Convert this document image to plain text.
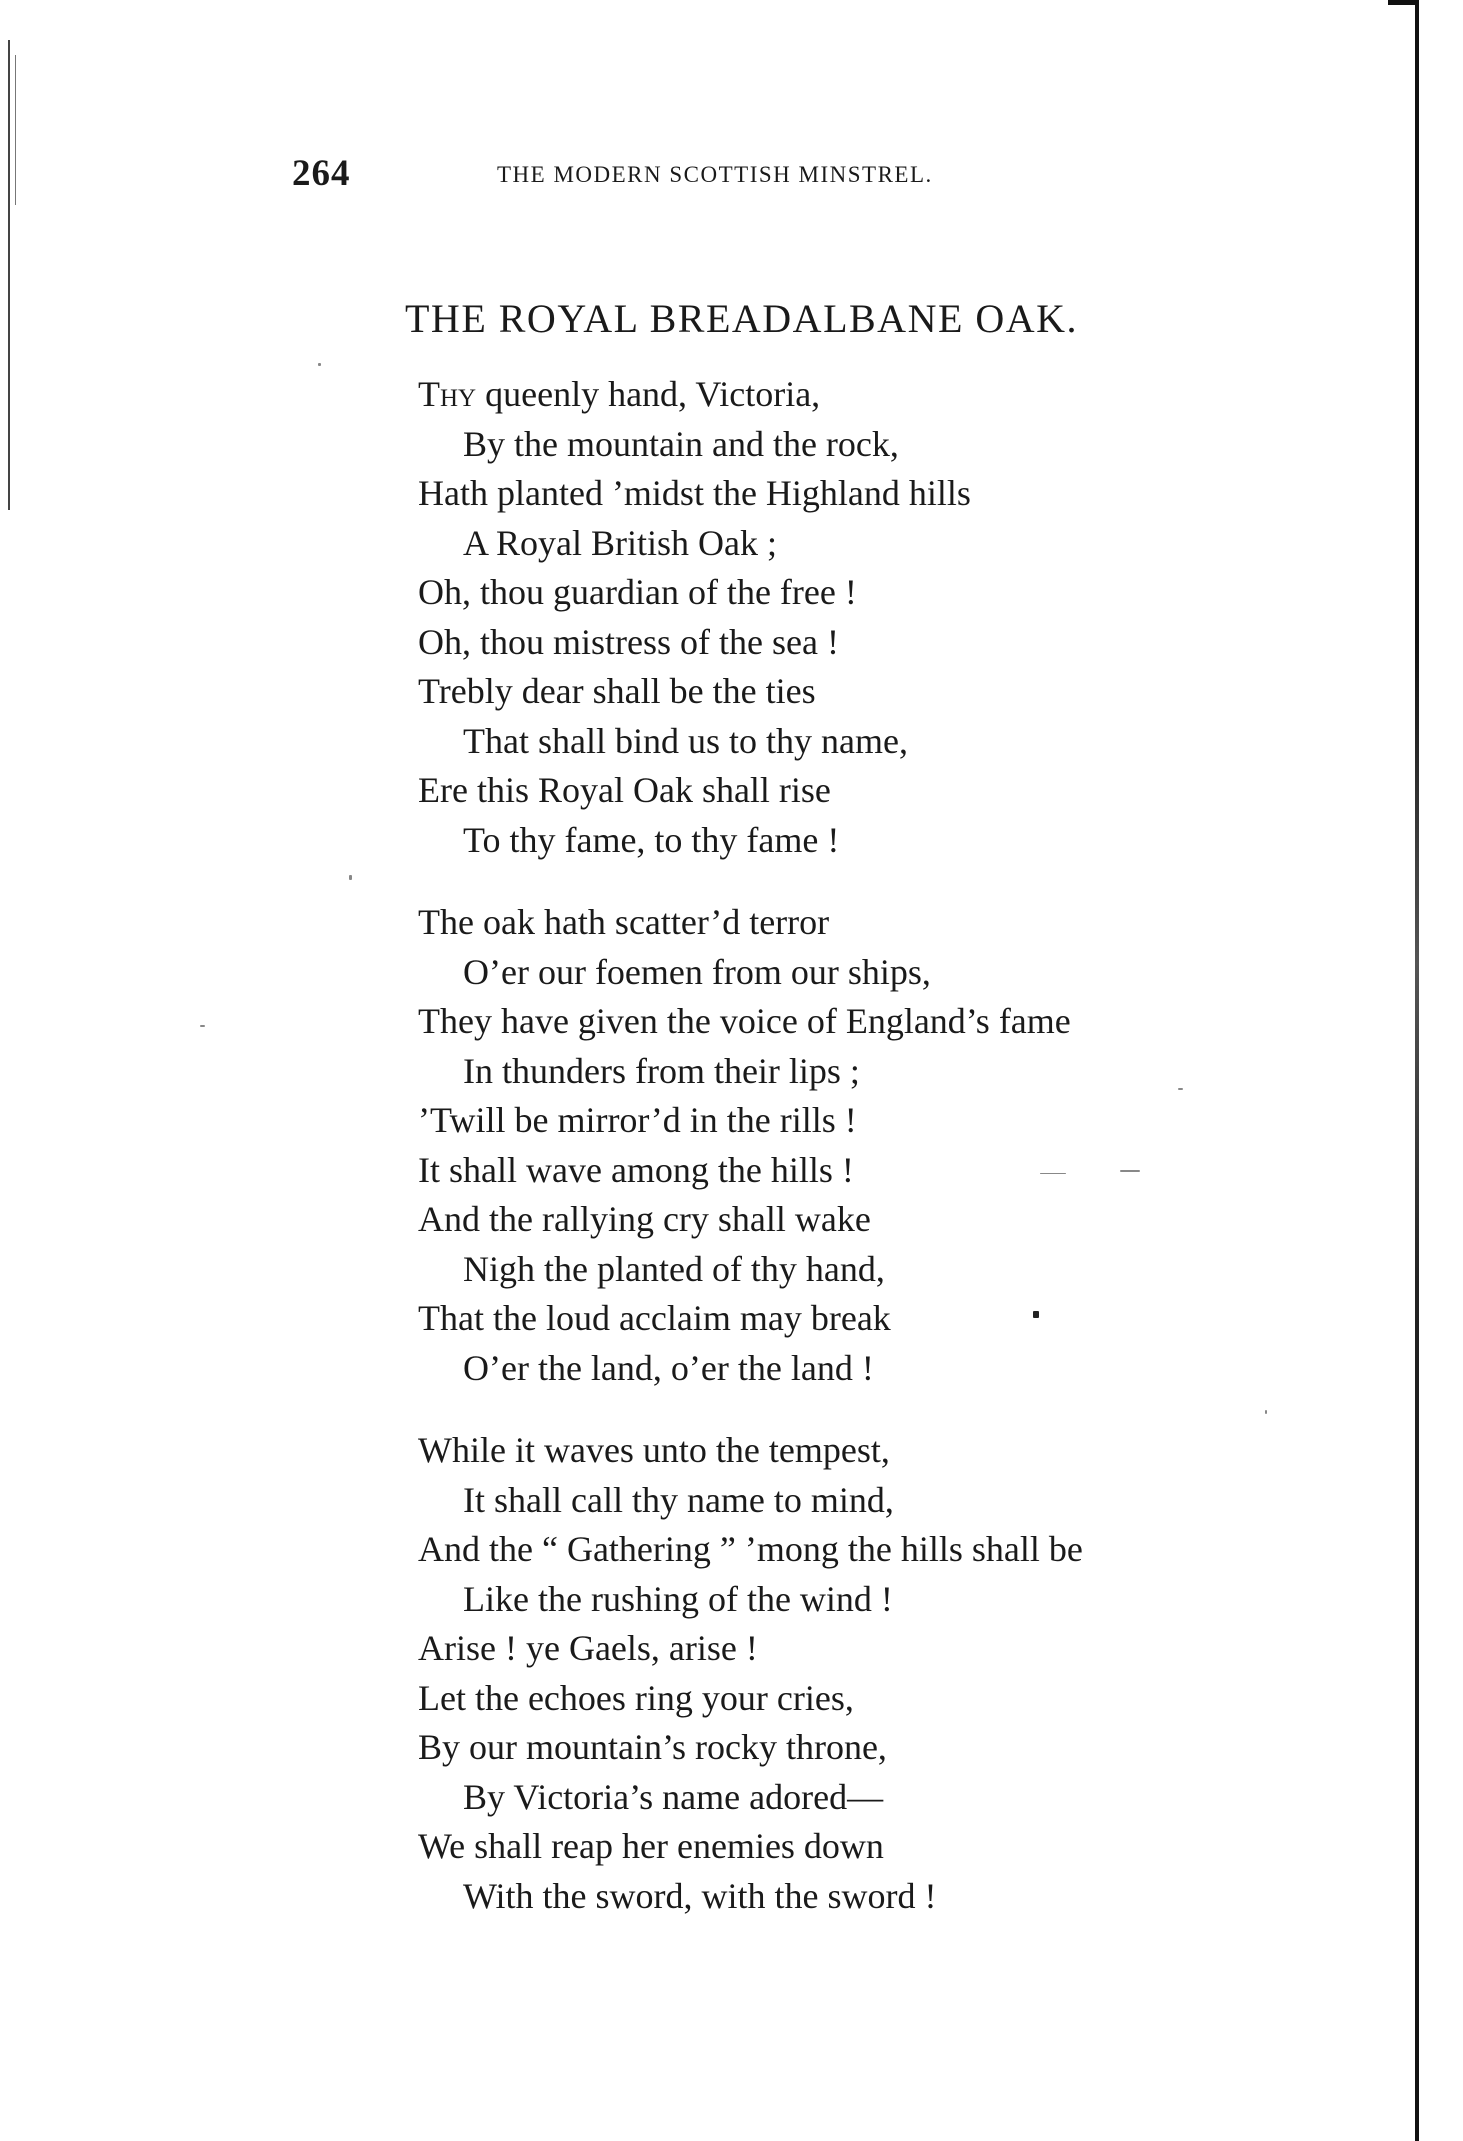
264	THE MODERN SCOTTISH MINSTREL.
THE ROYAL BREADALBANE OAK.

Thy queenly hand, Victoria,

By the mountain and the rock,

Hath planted ’midst the Highland hills

A Royal British Oak ;

Oh, thou guardian of the free !

Oh, thou mistress of the sea !

Trebly dear shall be the ties

That shall bind us to thy name,

Ere this Royal Oak shall rise

To thy fame, to thy fame !

The oak hath scatter’d terror

O’er our foemen from our ships,

They have given the voice of England’s fame

In thunders from their lips ;

’Twill be mirror’d in the rills !

It shall wave among the hills !

And the rallying cry shall wake

Nigh the planted of thy hand,

That the loud acclaim may break

O’er the land, o’er the land !

While it waves unto the tempest,

It shall call thy name to mind,

And the “ Gathering ” ’mong the hills shall be

Like the rushing of the wind !

Arise ! ye Gaels, arise !

Let the echoes ring your cries,

By our mountain’s rocky throne,

By Victoria’s name adored—

We shall reap her enemies down

With the sword, with the sword !
